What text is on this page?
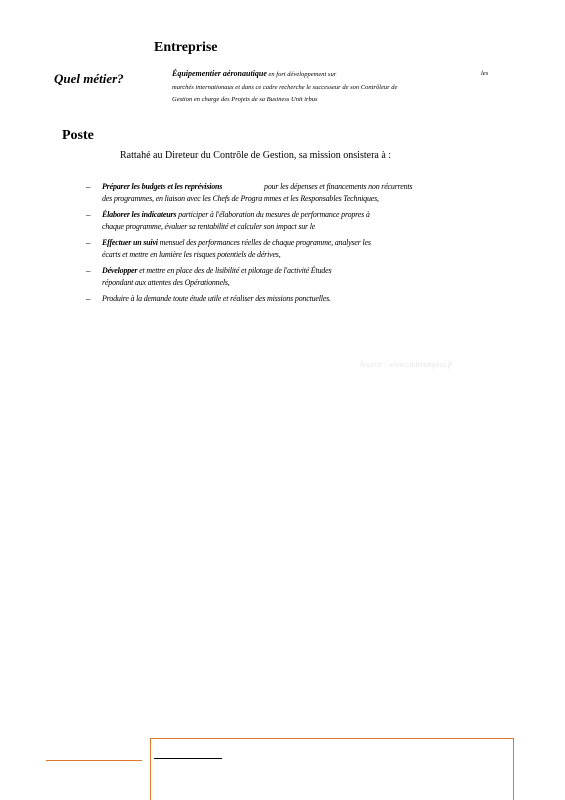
Entreprise
Quel métier?	Équipementier aéronautique en fort développement sur	les
marchés internationaux et dans ce cadre recherche le successeur de son Contrôleur de
Gestion en charge des Projets de sa Business Unit irbus
Poste
Rattahé au Direteur du Contrôle de Gestion, sa mission onsistera à :
– Préparer les budgets et les reprévisions	pour les dépenses et financements non récurrents
des programmes, en liaison avec les Chefs de Progra mmes et les Responsables Techniques,
– Élaborer les indicateurs participer à l'élaboration du mesures de performance propres à
chaque programme, évaluer sa rentabilité et calculer son impact sur le
– Effectuer un suivi mensuel des performances réelles de chaque programme, analyser les
écarts et mettre en lumière les risques potentiels de dérives,
– Développer et mettre en place des de lisibilité et pilotage de l'activité Études
répondant aux attentes des Opérationnels,
– Produire à la demande toute étude utile et réaliser des missions ponctuelles.
Source : www.cadreemploi.fr
